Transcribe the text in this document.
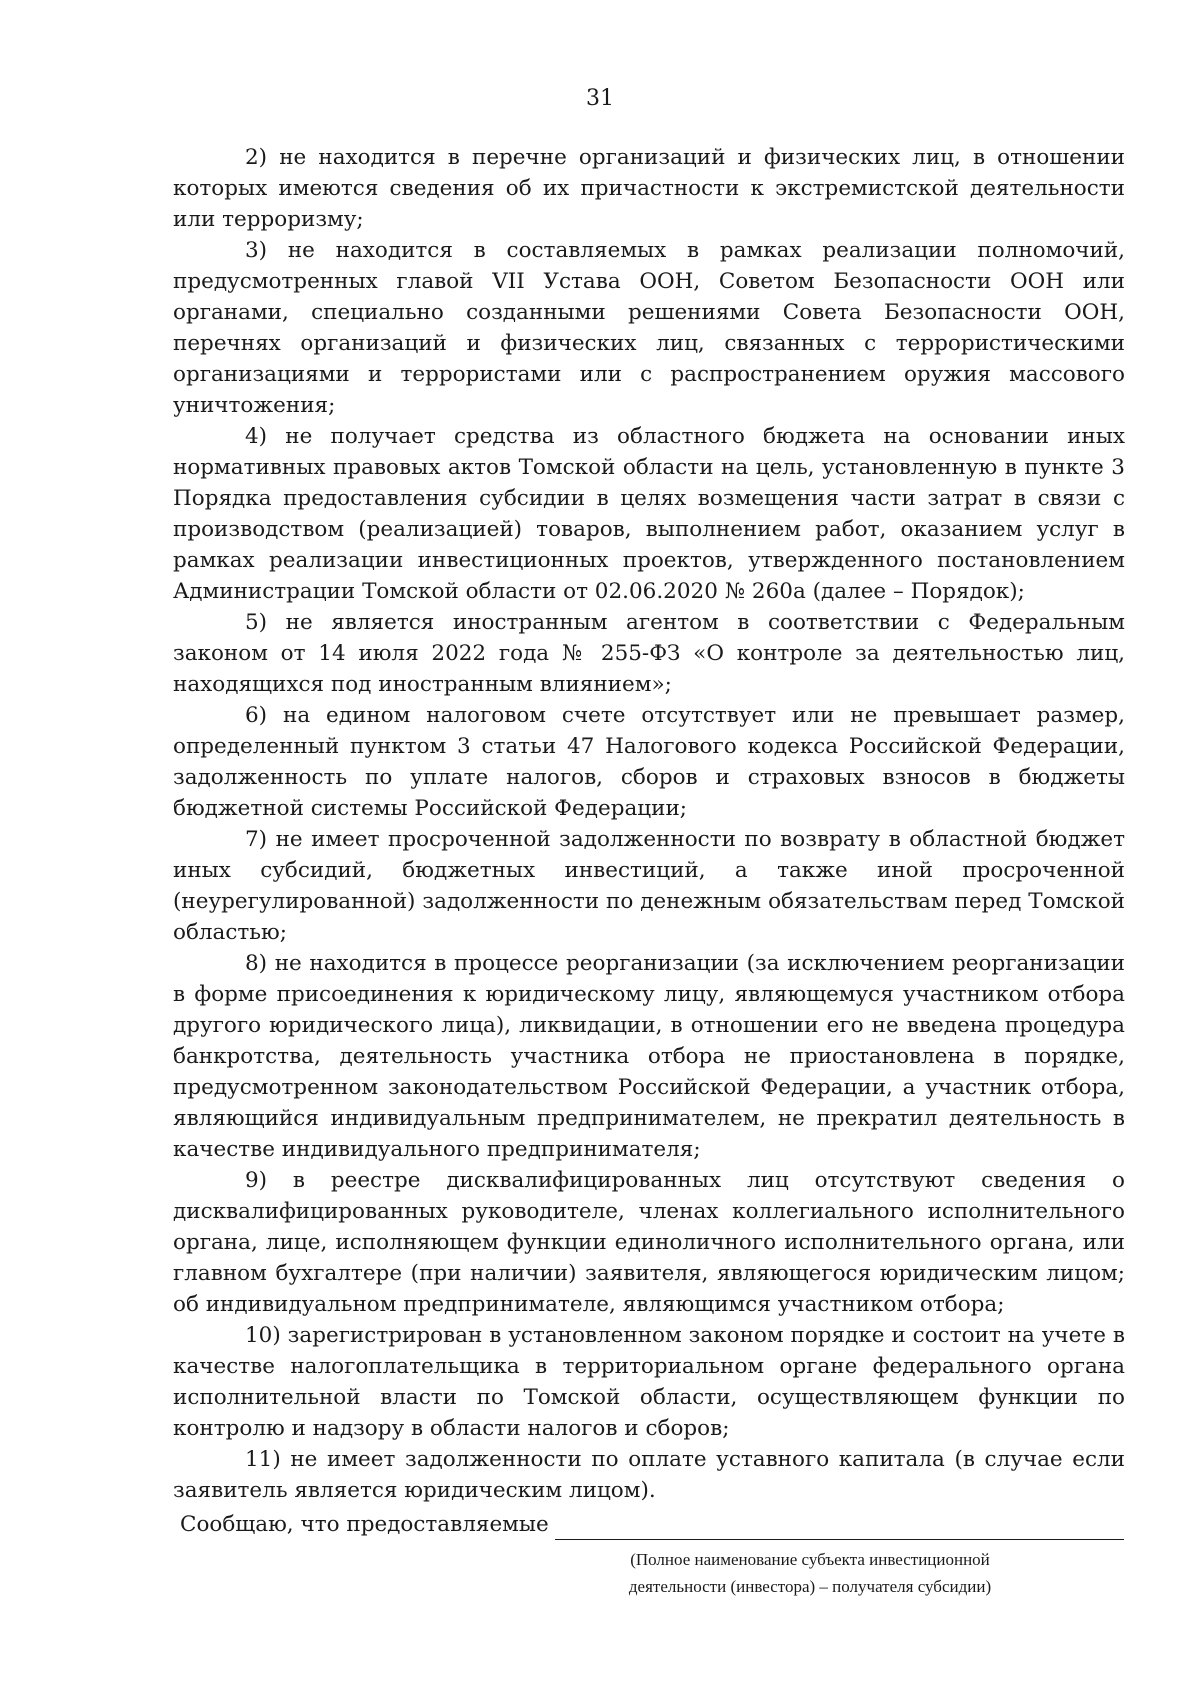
31

2) не находится в перечне организаций и физических лиц, в отношении которых имеются сведения об их причастности к экстремистской деятельности или терроризму;

3) не находится в составляемых в рамках реализации полномочий, предусмотренных главой VII Устава ООН, Советом Безопасности ООН или органами, специально созданными решениями Совета Безопасности ООН, перечнях организаций и физических лиц, связанных с террористическими организациями и террористами или с распространением оружия массового уничтожения;

4) не получает средства из областного бюджета на основании иных нормативных правовых актов Томской области на цель, установленную в пункте 3 Порядка предоставления субсидии в целях возмещения части затрат в связи с производством (реализацией) товаров, выполнением работ, оказанием услуг в рамках реализации инвестиционных проектов, утвержденного постановлением Администрации Томской области от 02.06.2020 № 260а (далее – Порядок);

5) не является иностранным агентом в соответствии с Федеральным законом от 14 июля 2022 года № 255-ФЗ «О контроле за деятельностью лиц, находящихся под иностранным влиянием»;

6) на едином налоговом счете отсутствует или не превышает размер, определенный пунктом 3 статьи 47 Налогового кодекса Российской Федерации, задолженность по уплате налогов, сборов и страховых взносов в бюджеты бюджетной системы Российской Федерации;

7) не имеет просроченной задолженности по возврату в областной бюджет иных субсидий, бюджетных инвестиций, а также иной просроченной (неурегулированной) задолженности по денежным обязательствам перед Томской областью;

8) не находится в процессе реорганизации (за исключением реорганизации в форме присоединения к юридическому лицу, являющемуся участником отбора другого юридического лица), ликвидации, в отношении его не введена процедура банкротства, деятельность участника отбора не приостановлена в порядке, предусмотренном законодательством Российской Федерации, а участник отбора, являющийся индивидуальным предпринимателем, не прекратил деятельность в качестве индивидуального предпринимателя;

9) в реестре дисквалифицированных лиц отсутствуют сведения о дисквалифицированных руководителе, членах коллегиального исполнительного органа, лице, исполняющем функции единоличного исполнительного органа, или главном бухгалтере (при наличии) заявителя, являющегося юридическим лицом; об индивидуальном предпринимателе, являющимся участником отбора;

10) зарегистрирован в установленном законом порядке и состоит на учете в качестве налогоплательщика в территориальном органе федерального органа исполнительной власти по Томской области, осуществляющем функции по контролю и надзору в области налогов и сборов;

11) не имеет задолженности по оплате уставного капитала (в случае если заявитель является юридическим лицом).

Сообщаю, что предоставляемые
(Полное наименование субъекта инвестиционной
деятельности (инвестора) – получателя субсидии)
